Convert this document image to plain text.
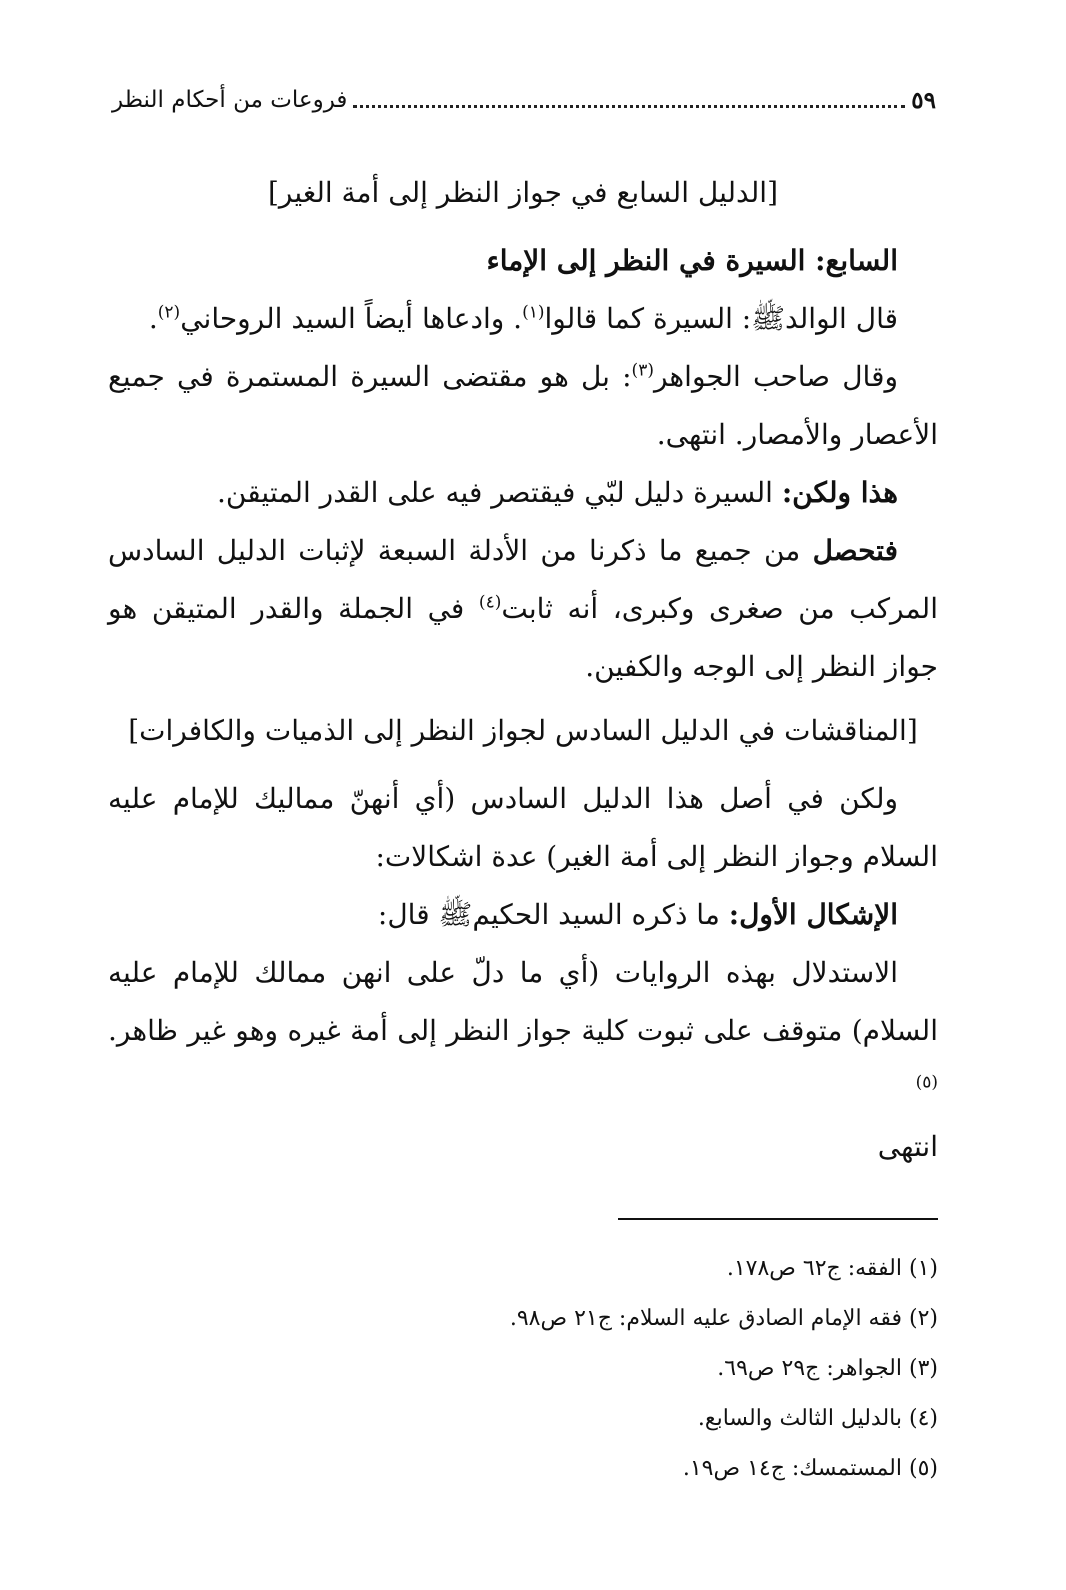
٥٩
فروعات من أحكام النظر

[الدليل السابع في جواز النظر إلى أمة الغير]

السابع: السيرة في النظر إلى الإماء

قال الوالدﷺ: السيرة كما قالوا$^{(١)}$. وادعاها أيضاً السيد الروحاني$^{(٢)}$.

وقال صاحب الجواهر$^{(٣)}$: بل هو مقتضى السيرة المستمرة في جميع الأعصار والأمصار. انتهى.

هذا ولكن: السيرة دليل لبّي فيقتصر فيه على القدر المتيقن.

فتحصل من جميع ما ذكرنا من الأدلة السبعة لإثبات الدليل السادس المركب من صغرى وكبرى، أنه ثابت$^{(٤)}$ في الجملة والقدر المتيقن هو جواز النظر إلى الوجه والكفين.

[المناقشات في الدليل السادس لجواز النظر إلى الذميات والكافرات]

ولكن في أصل هذا الدليل السادس (أي أنهنّ مماليك للإمام عليه السلام وجواز النظر إلى أمة الغير) عدة اشكالات:

الإشكال الأول: ما ذكره السيد الحكيمﷺ قال:

الاستدلال بهذه الروايات (أي ما دلّ على انهن ممالك للإمام عليه السلام) متوقف على ثبوت كلية جواز النظر إلى أمة غيره وهو غير ظاهر.$^{(٥)}$

انتهى

(١) الفقه: ج٦٢ ص١٧٨.
(٢) فقه الإمام الصادق عليه السلام: ج٢١ ص٩٨.
(٣) الجواهر: ج٢٩ ص٦٩.
(٤) بالدليل الثالث والسابع.
(٥) المستمسك: ج١٤ ص١٩.
